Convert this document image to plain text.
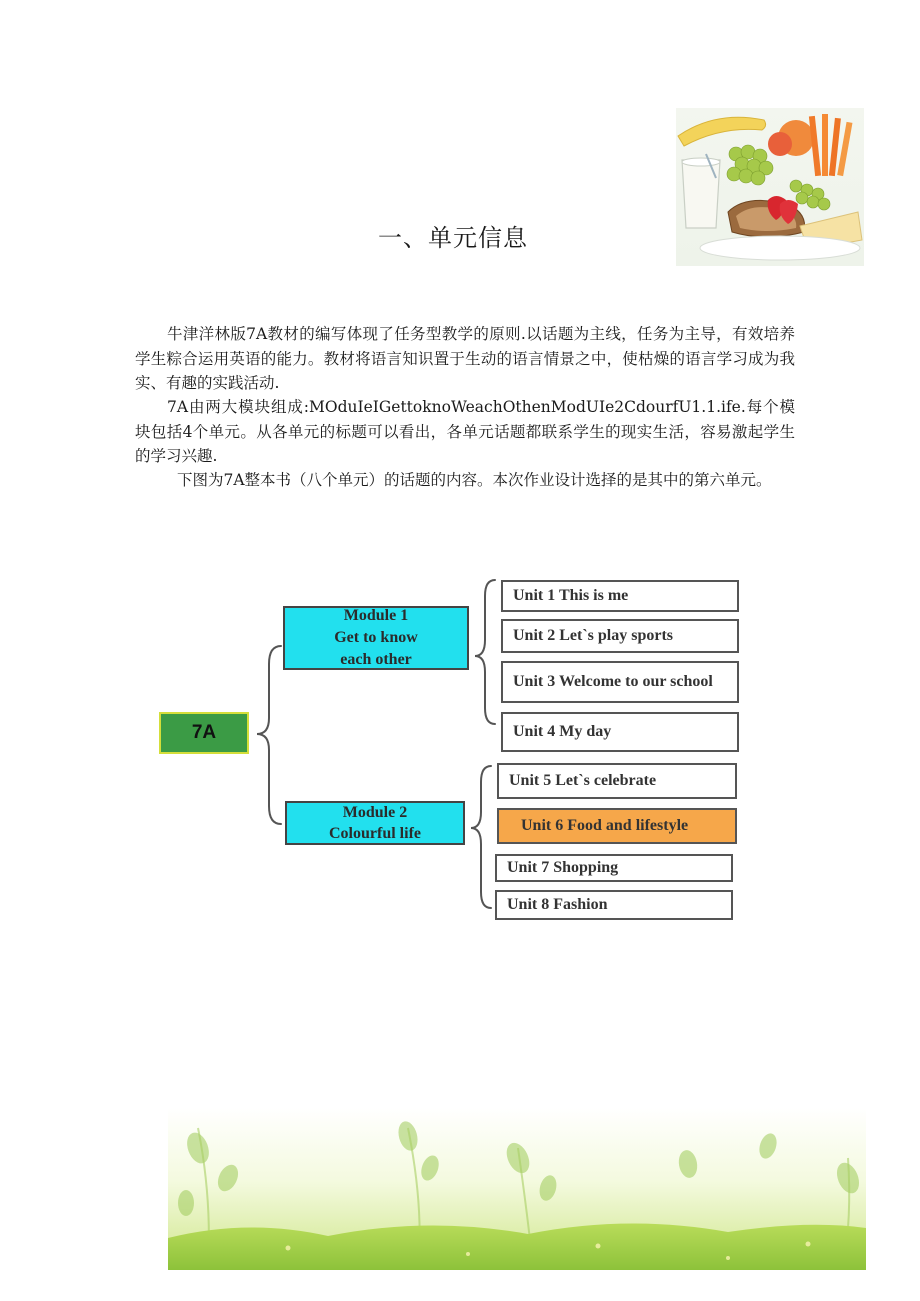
一、单元信息

牛津洋林版7A教材的编写体现了任务型教学的原则.以话题为主线，任务为主导，有效培养学生粽合运用英语的能力。教材将语言知识置于生动的语言情景之中，使枯燥的语言学习成为我实、有趣的实践活动.

7A由两大模块组成:MOduIeIGettoknoWeachOthenModUIe2CdourfU1.1.ife.每个模块包括4个单元。从各单元的标题可以看出，各单元话题都联系学生的现实生活，容易激起学生的学习兴趣.

下图为7A整本书（八个单元）的话题的内容。本次作业设计选择的是其中的第六单元。

7A
Module 1
Get to know
each other
Module 2
Colourful life
Unit 1 This is me
Unit 2 Let`s play sports
Unit 3 Welcome to our school
Unit 4 My day
Unit 5 Let`s celebrate
Unit 6 Food and lifestyle
Unit 7 Shopping
Unit 8 Fashion
